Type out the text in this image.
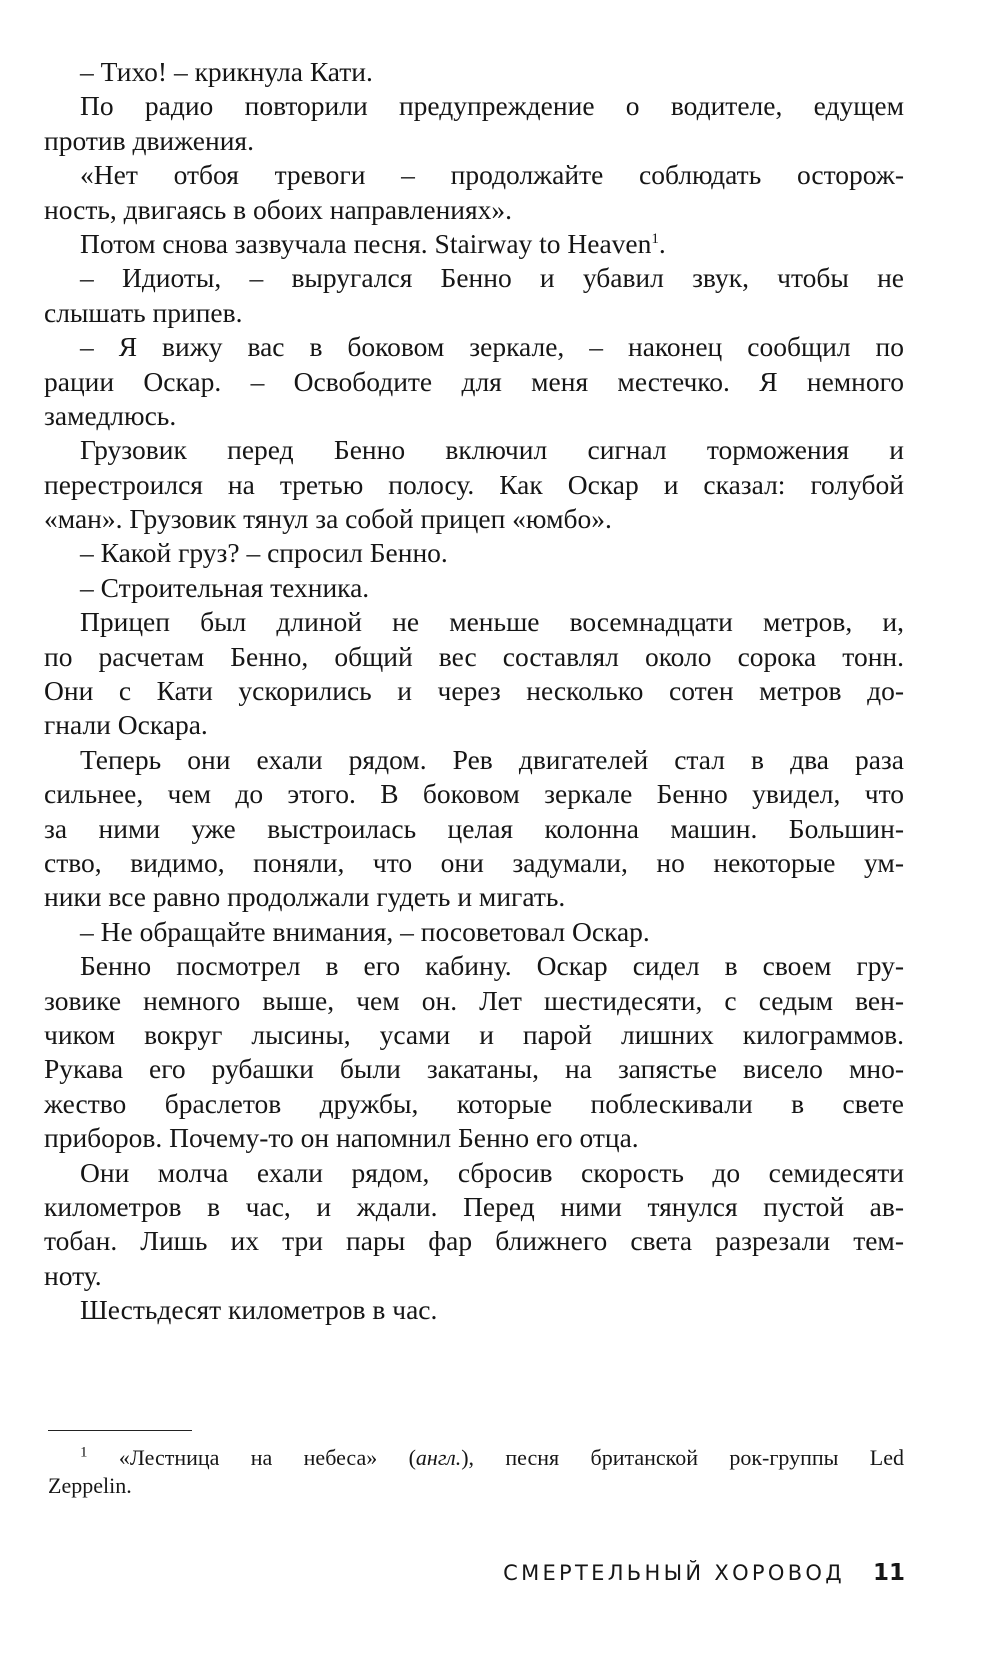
– Тихо! – крикнула Кати.
По радио повторили предупреждение о водителе, едущем
против движения.
«Нет отбоя тревоги – продолжайте соблюдать осторож-
ность, двигаясь в обоих направлениях».
Потом снова зазвучала песня. Stairway to Heaven$^1$.
– Идиоты, – выругался Бенно и убавил звук, чтобы не
слышать припев.
– Я вижу вас в боковом зеркале, – наконец сообщил по
рации Оскар. – Освободите для меня местечко. Я немного
замедлюсь.
Грузовик перед Бенно включил сигнал торможения и
перестроился на третью полосу. Как Оскар и сказал: голубой
«ман». Грузовик тянул за собой прицеп «юмбо».
– Какой груз? – спросил Бенно.
– Строительная техника.
Прицеп был длиной не меньше восемнадцати метров, и,
по расчетам Бенно, общий вес составлял около сорока тонн.
Они с Кати ускорились и через несколько сотен метров до-
гнали Оскара.
Теперь они ехали рядом. Рев двигателей стал в два раза
сильнее, чем до этого. В боковом зеркале Бенно увидел, что
за ними уже выстроилась целая колонна машин. Большин-
ство, видимо, поняли, что они задумали, но некоторые ум-
ники все равно продолжали гудеть и мигать.
– Не обращайте внимания, – посоветовал Оскар.
Бенно посмотрел в его кабину. Оскар сидел в своем гру-
зовике немного выше, чем он. Лет шестидесяти, с седым вен-
чиком вокруг лысины, усами и парой лишних килограммов.
Рукава его рубашки были закатаны, на запястье висело мно-
жество браслетов дружбы, которые поблескивали в свете
приборов. Почему-то он напомнил Бенно его отца.
Они молча ехали рядом, сбросив скорость до семидесяти
километров в час, и ждали. Перед ними тянулся пустой ав-
тобан. Лишь их три пары фар ближнего света разрезали тем-
ноту.
Шестьдесят километров в час.
$^1$ «Лестница на небеса» (англ.), песня британской рок-группы Led
Zeppelin.
СМЕРТЕЛЬНЫЙ ХОРОВОД 11
